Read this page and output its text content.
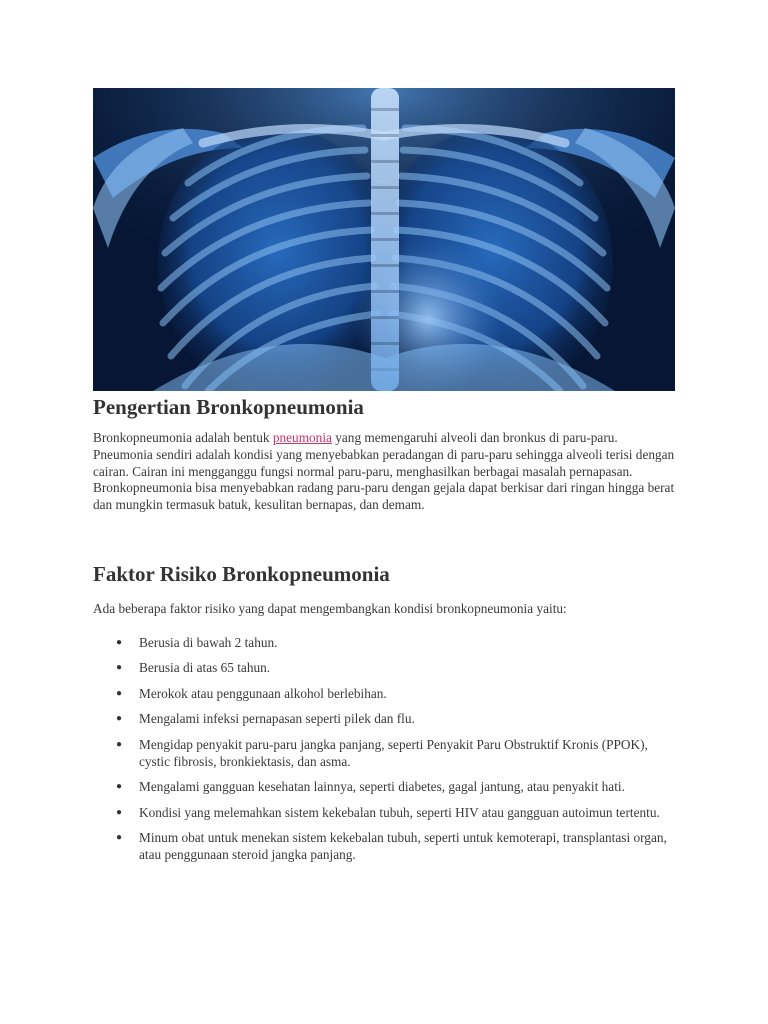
Pengertian Bronkopneumonia

Bronkopneumonia adalah bentuk pneumonia yang memengaruhi alveoli dan bronkus di paru-paru. Pneumonia sendiri adalah kondisi yang menyebabkan peradangan di paru-paru sehingga alveoli terisi dengan cairan. Cairan ini mengganggu fungsi normal paru-paru, menghasilkan berbagai masalah pernapasan. Bronkopneumonia bisa menyebabkan radang paru-paru dengan gejala dapat berkisar dari ringan hingga berat dan mungkin termasuk batuk, kesulitan bernapas, dan demam.

Faktor Risiko Bronkopneumonia

Ada beberapa faktor risiko yang dapat mengembangkan kondisi bronkopneumonia yaitu:

● Berusia di bawah 2 tahun.
● Berusia di atas 65 tahun.
● Merokok atau penggunaan alkohol berlebihan.
● Mengalami infeksi pernapasan seperti pilek dan flu.
● Mengidap penyakit paru-paru jangka panjang, seperti Penyakit Paru Obstruktif Kronis (PPOK), cystic fibrosis, bronkiektasis, dan asma.
● Mengalami gangguan kesehatan lainnya, seperti diabetes, gagal jantung, atau penyakit hati.
● Kondisi yang melemahkan sistem kekebalan tubuh, seperti HIV atau gangguan autoimun tertentu.
● Minum obat untuk menekan sistem kekebalan tubuh, seperti untuk kemoterapi, transplantasi organ, atau penggunaan steroid jangka panjang.
